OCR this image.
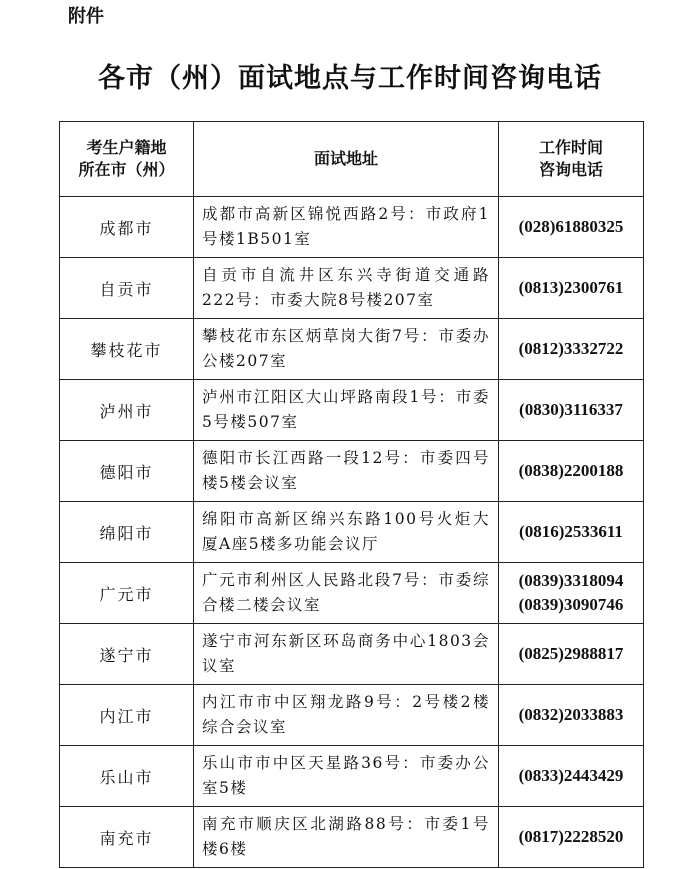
附件
各市（州）面试地点与工作时间咨询电话
考生户籍地
所在市（州）	面试地址	工作时间
咨询电话

成都市	成都市高新区锦悦西路2号：市政府1号楼1B501室	(028)61880325

自贡市	自贡市自流井区东兴寺街道交通路222号：市委大院8号楼207室	(0813)2300761

攀枝花市	攀枝花市东区炳草岗大街7号：市委办公楼207室	(0812)3332722

泸州市	泸州市江阳区大山坪路南段1号：市委5号楼507室	(0830)3116337

德阳市	德阳市长江西路一段12号：市委四号楼5楼会议室	(0838)2200188

绵阳市	绵阳市高新区绵兴东路100号火炬大厦A座5楼多功能会议厅	(0816)2533611

广元市	广元市利州区人民路北段7号：市委综合楼二楼会议室	(0839)3318094
(0839)3090746

遂宁市	遂宁市河东新区环岛商务中心1803会议室	(0825)2988817

内江市	内江市市中区翔龙路9号：2号楼2楼综合会议室	(0832)2033883

乐山市	乐山市市中区天星路36号：市委办公室5楼	(0833)2443429

南充市	南充市顺庆区北湖路88号：市委1号楼6楼	(0817)2228520
